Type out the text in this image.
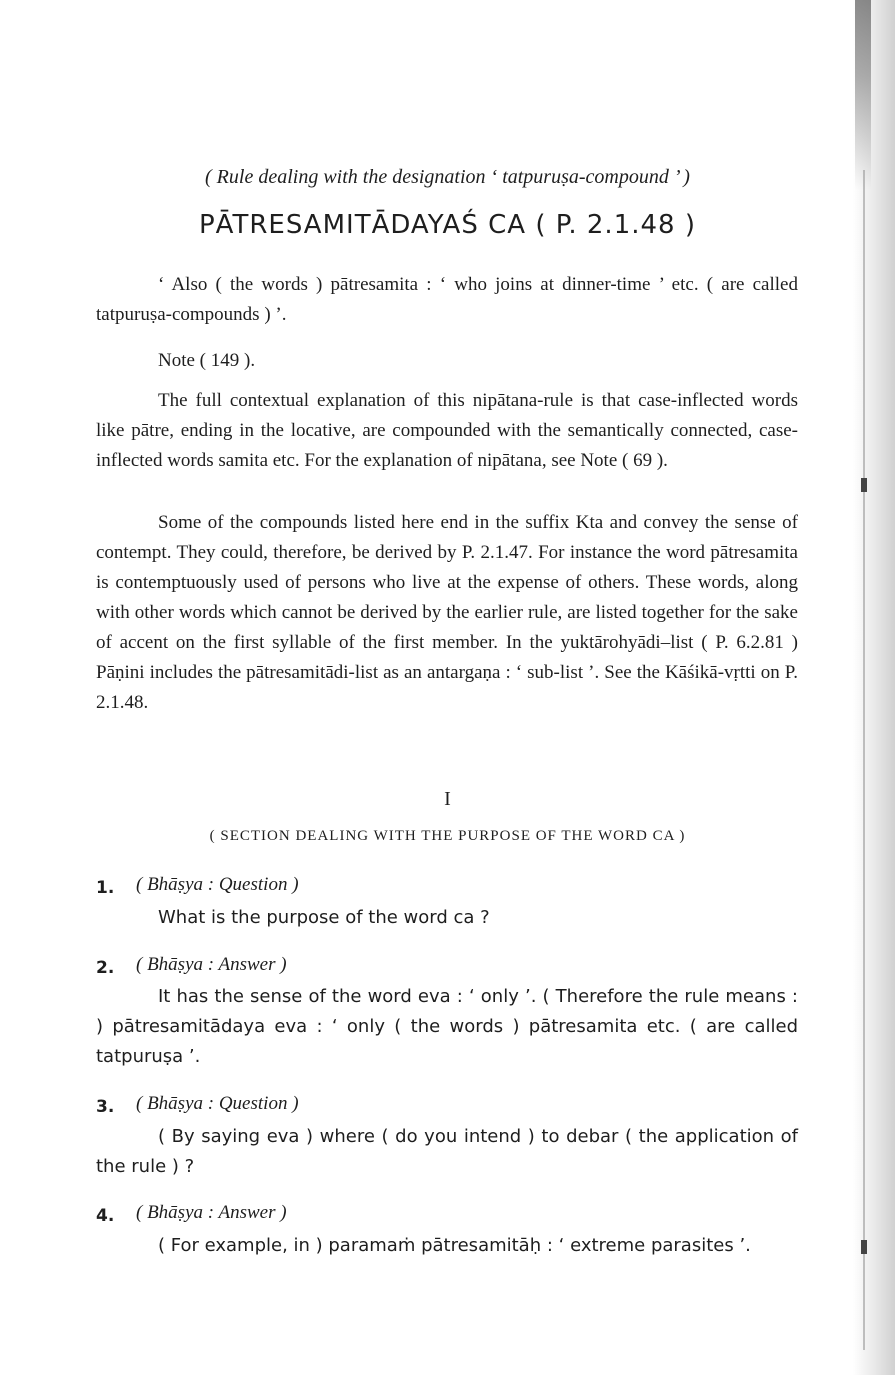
( Rule dealing with the designation ‘ tatpuruṣa-compound ’ )
PĀTRESAMITĀDAYAŚ CA ( P. 2.1.48 )
‘ Also ( the words ) pātresamita : ‘ who joins at dinner-time ’ etc. ( are called tatpuruṣa-compounds ) ’.
Note ( 149 ).
The full contextual explanation of this nipātana-rule is that case-inflected words like pātre, ending in the locative, are compounded with the semantically connected, case-inflected words samita etc. For the explanation of nipātana, see Note ( 69 ).
Some of the compounds listed here end in the suffix Kta and convey the sense of contempt. They could, therefore, be derived by P. 2.1.47. For instance the word pātresamita is contemptuously used of persons who live at the expense of others. These words, along with other words which cannot be derived by the earlier rule, are listed together for the sake of accent on the first syllable of the first member. In the yuktārohyādi–list ( P. 6.2.81 ) Pāṇini includes the pātresamitādi-list as an antargaṇa : ‘ sub-list ’. See the Kāśikā-vṛtti on P. 2.1.48.
I
( SECTION DEALING WITH THE PURPOSE OF THE WORD CA )
1. ( Bhāṣya : Question )
What is the purpose of the word ca ?
2. ( Bhāṣya : Answer )
It has the sense of the word eva : ‘ only ’. ( Therefore the rule means : ) pātresamitādaya eva : ‘ only ( the words ) pātresamita etc. ( are called tatpuruṣa ’.
3. ( Bhāṣya : Question )
( By saying eva ) where ( do you intend ) to debar ( the application of the rule ) ?
4. ( Bhāṣya : Answer )
( For example, in ) paramaṁ pātresamitāḥ : ‘ extreme parasites ’.
